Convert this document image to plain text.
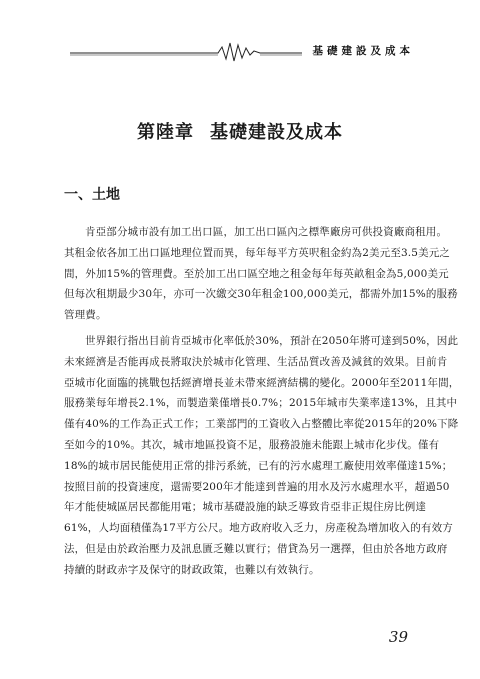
基礎建設及成本
第陸章 基礎建設及成本
一、土地
肯亞部分城市設有加工出口區，加工出口區內之標準廠房可供投資廠商租用。
其租金依各加工出口區地理位置而異，每年每平方英呎租金約為2美元至3.5美元之
間，外加15%的管理費。至於加工出口區空地之租金每年每英畝租金為5,000美元
但每次租期最少30年，亦可一次繳交30年租金100,000美元，都需外加15%的服務
管理費。
世界銀行指出目前肯亞城市化率低於30%，預計在2050年將可達到50%，因此
未來經濟是否能再成長將取決於城市化管理、生活品質改善及減貧的效果。目前肯
亞城市化面臨的挑戰包括經濟增長並未帶來經濟結構的變化。2000年至2011年間，
服務業每年增長2.1%，而製造業僅增長0.7%；2015年城市失業率達13%，且其中
僅有40%的工作為正式工作；工業部門的工資收入占整體比率從2015年的20%下降
至如今的10%。其次，城市地區投資不足，服務設施未能跟上城市化步伐。僅有
18%的城市居民能使用正常的排污系統，已有的污水處理工廠使用效率僅達15%；
按照目前的投資速度，還需要200年才能達到普遍的用水及污水處理水平，超過50
年才能使城區居民都能用電；城市基礎設施的缺乏導致肯亞非正規住房比例達
61%，人均面積僅為17平方公尺。地方政府收入乏力，房產稅為增加收入的有效方
法，但是由於政治壓力及訊息匱乏難以實行；借貸為另一選擇，但由於各地方政府
持續的財政赤字及保守的財政政策，也難以有效執行。
39
